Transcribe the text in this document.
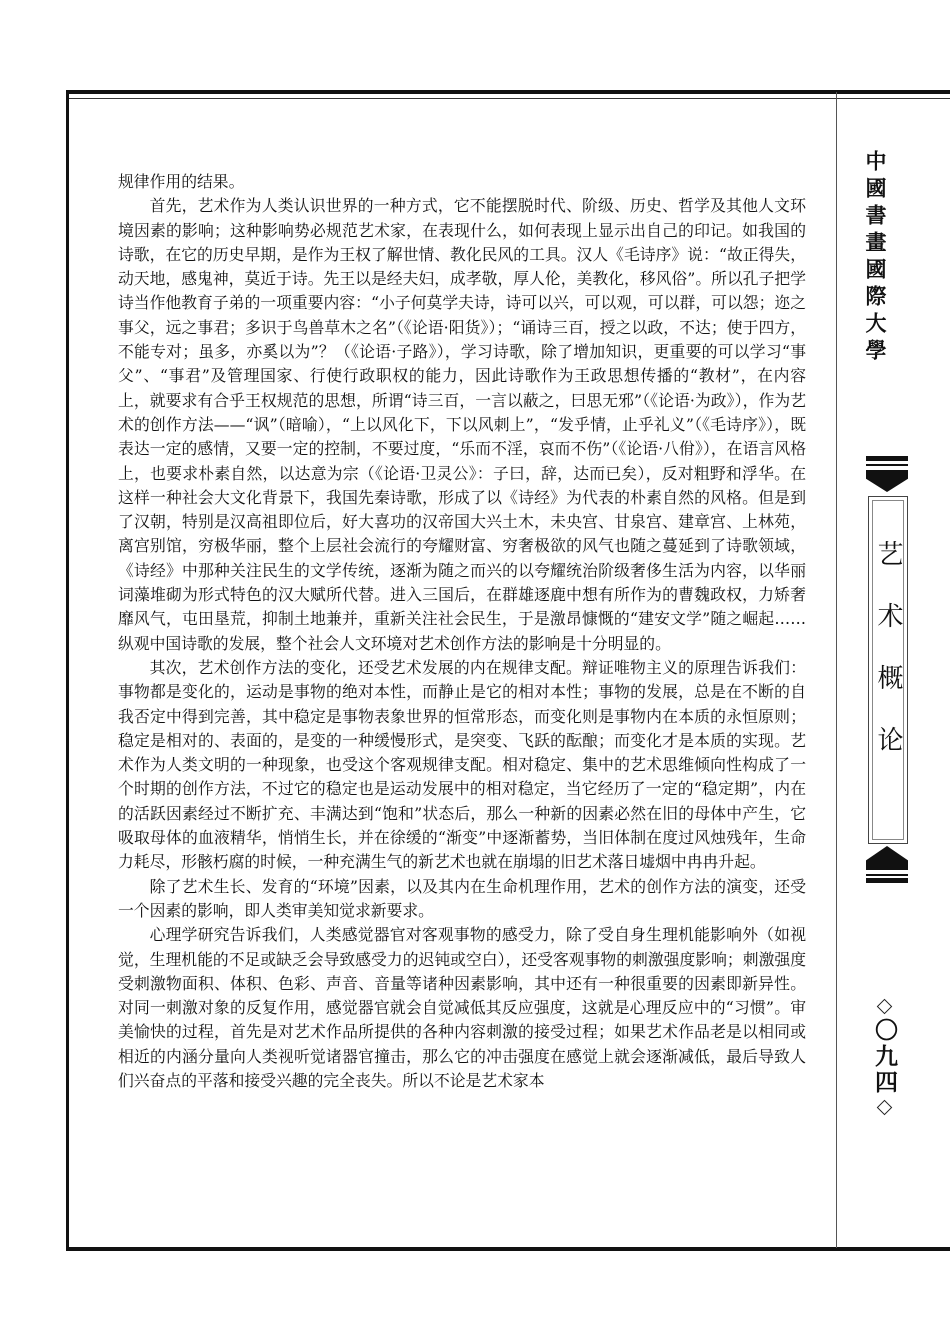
规律作用的结果。

首先，艺术作为人类认识世界的一种方式，它不能摆脱时代、阶级、历史、哲学及其他人文环境因素的影响；这种影响势必规范艺术家，在表现什么，如何表现上显示出自己的印记。如我国的诗歌，在它的历史早期，是作为王权了解世情、教化民风的工具。汉人《毛诗序》说：“故正得失，动天地，感鬼神，莫近于诗。先王以是经夫妇，成孝敬，厚人伦，美教化，移风俗”。所以孔子把学诗当作他教育子弟的一项重要内容：“小子何莫学夫诗，诗可以兴，可以观，可以群，可以怨；迩之事父，远之事君；多识于鸟兽草木之名”（《论语·阳货》）；“诵诗三百，授之以政，不达；使于四方，不能专对；虽多，亦奚以为”？（《论语·子路》），学习诗歌，除了增加知识，更重要的可以学习“事父”、“事君”及管理国家、行使行政职权的能力，因此诗歌作为王政思想传播的“教材”，在内容上，就要求有合乎王权规范的思想，所谓“诗三百，一言以蔽之，曰思无邪”（《论语·为政》），作为艺术的创作方法——“讽”（暗喻），“上以风化下，下以风刺上”，“发乎情，止乎礼义”（《毛诗序》），既表达一定的感情，又要一定的控制，不要过度，“乐而不淫，哀而不伤”（《论语·八佾》），在语言风格上，也要求朴素自然，以达意为宗（《论语·卫灵公》：子曰，辞，达而已矣），反对粗野和浮华。在这样一种社会大文化背景下，我国先秦诗歌，形成了以《诗经》为代表的朴素自然的风格。但是到了汉朝，特别是汉高祖即位后，好大喜功的汉帝国大兴土木，未央宫、甘泉宫、建章宫、上林苑，离宫别馆，穷极华丽，整个上层社会流行的夸耀财富、穷奢极欲的风气也随之蔓延到了诗歌领域，《诗经》中那种关注民生的文学传统，逐渐为随之而兴的以夸耀统治阶级奢侈生活为内容，以华丽词藻堆砌为形式特色的汉大赋所代替。进入三国后，在群雄逐鹿中想有所作为的曹魏政权，力矫奢靡风气，屯田垦荒，抑制土地兼并，重新关注社会民生，于是激昂慷慨的“建安文学”随之崛起……纵观中国诗歌的发展，整个社会人文环境对艺术创作方法的影响是十分明显的。

其次，艺术创作方法的变化，还受艺术发展的内在规律支配。辩证唯物主义的原理告诉我们：事物都是变化的，运动是事物的绝对本性，而静止是它的相对本性；事物的发展，总是在不断的自我否定中得到完善，其中稳定是事物表象世界的恒常形态，而变化则是事物内在本质的永恒原则；稳定是相对的、表面的，是变的一种缓慢形式，是突变、飞跃的酝酿；而变化才是本质的实现。艺术作为人类文明的一种现象，也受这个客观规律支配。相对稳定、集中的艺术思维倾向性构成了一个时期的创作方法，不过它的稳定也是运动发展中的相对稳定，当它经历了一定的“稳定期”，内在的活跃因素经过不断扩充、丰满达到“饱和”状态后，那么一种新的因素必然在旧的母体中产生，它吸取母体的血液精华，悄悄生长，并在徐缓的“渐变”中逐渐蓄势，当旧体制在度过风烛残年，生命力耗尽，形骸朽腐的时候，一种充满生气的新艺术也就在崩塌的旧艺术落日墟烟中冉冉升起。

除了艺术生长、发育的“环境”因素，以及其内在生命机理作用，艺术的创作方法的演变，还受一个因素的影响，即人类审美知觉求新要求。

心理学研究告诉我们，人类感觉器官对客观事物的感受力，除了受自身生理机能影响外（如视觉，生理机能的不足或缺乏会导致感受力的迟钝或空白），还受客观事物的刺激强度影响；刺激强度受刺激物面积、体积、色彩、声音、音量等诸种因素影响，其中还有一种很重要的因素即新异性。对同一刺激对象的反复作用，感觉器官就会自觉减低其反应强度，这就是心理反应中的“习惯”。审美愉快的过程，首先是对艺术作品所提供的各种内容刺激的接受过程；如果艺术作品老是以相同或相近的内涵分量向人类视听觉诸器官撞击，那么它的冲击强度在感觉上就会逐渐减低，最后导致人们兴奋点的平落和接受兴趣的完全丧失。所以不论是艺术家本

中國書畫國際大學
艺术概论
〇九四
